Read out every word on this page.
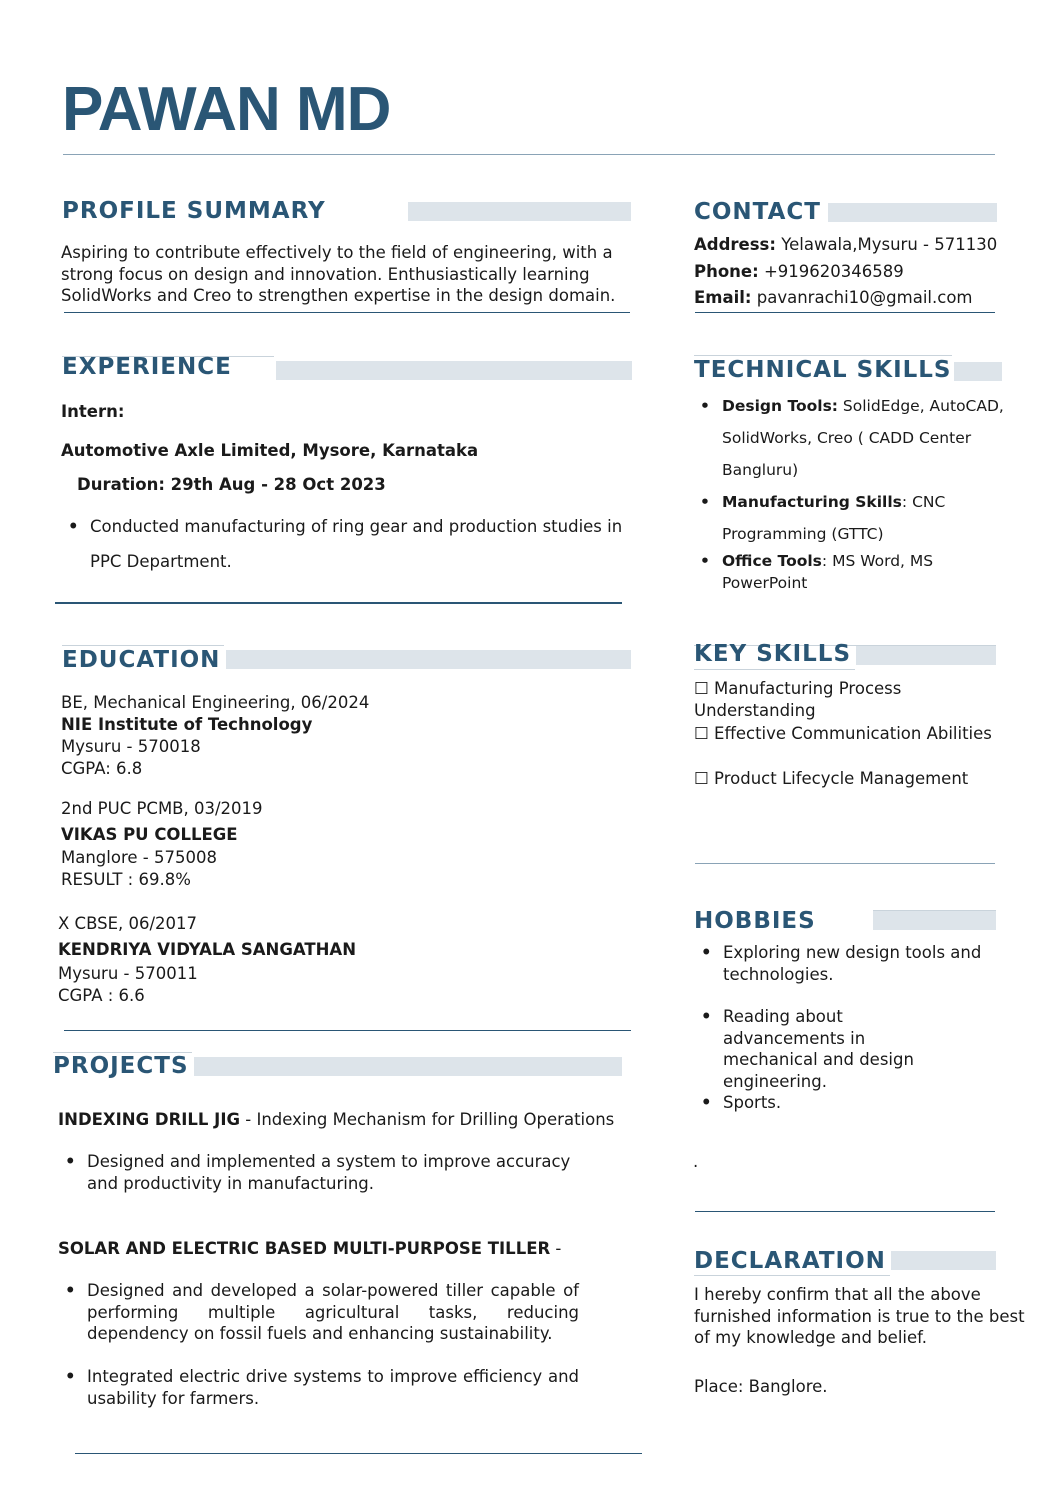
PAWAN MD
PROFILE SUMMARY
Aspiring to contribute effectively to the field of engineering, with a strong focus on design and innovation. Enthusiastically learning SolidWorks and Creo to strengthen expertise in the design domain.
EXPERIENCE
Intern:
Automotive Axle Limited, Mysore, Karnataka
Duration: 29th Aug - 28 Oct 2023
• Conducted manufacturing of ring gear and production studies in PPC Department.
EDUCATION
BE, Mechanical Engineering, 06/2024
NIE Institute of Technology
Mysuru - 570018
CGPA: 6.8
2nd PUC PCMB, 03/2019
VIKAS PU COLLEGE
Manglore - 575008
RESULT : 69.8%
X CBSE, 06/2017
KENDRIYA VIDYALA SANGATHAN
Mysuru - 570011
CGPA : 6.6
PROJECTS
INDEXING DRILL JIG - Indexing Mechanism for Drilling Operations
• Designed and implemented a system to improve accuracy and productivity in manufacturing.
SOLAR AND ELECTRIC BASED MULTI-PURPOSE TILLER -
• Designed and developed a solar-powered tiller capable of performing multiple agricultural tasks, reducing dependency on fossil fuels and enhancing sustainability.
• Integrated electric drive systems to improve efficiency and usability for farmers.
CONTACT
Address: Yelawala,Mysuru - 571130
Phone: +919620346589
Email: pavanrachi10@gmail.com
TECHNICAL SKILLS
• Design Tools: SolidEdge, AutoCAD, SolidWorks, Creo ( CADD Center Bangluru)
• Manufacturing Skills: CNC Programming (GTTC)
• Office Tools: MS Word, MS PowerPoint
KEY SKILLS
☐ Manufacturing Process Understanding
☐ Effective Communication Abilities
☐ Product Lifecycle Management
HOBBIES
• Exploring new design tools and technologies.
• Reading about advancements in mechanical and design engineering.
• Sports.
.
DECLARATION
I hereby confirm that all the above furnished information is true to the best of my knowledge and belief.
Place: Banglore.
